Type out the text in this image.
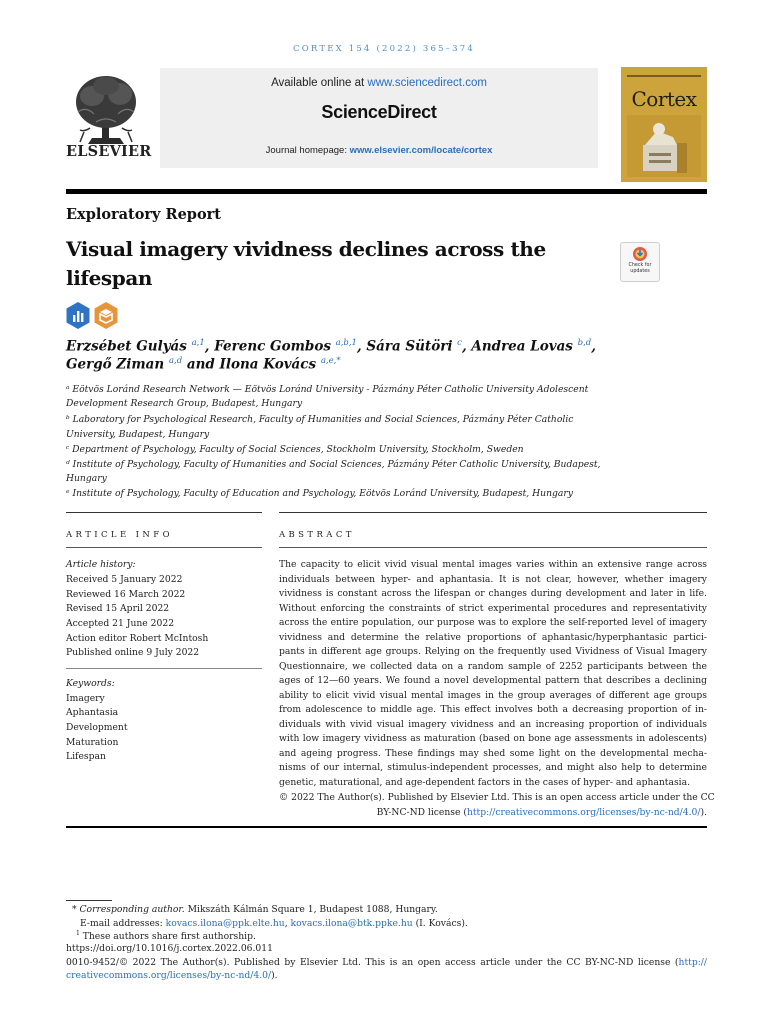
CORTEX 154 (2022) 365–374
ELSEVIER
Available online at www.sciencedirect.com
ScienceDirect
Journal homepage: www.elsevier.com/locate/cortex
Cortex
Exploratory Report
Visual imagery vividness declines across the
lifespan
Check for
updates
Erzsébet Gulyás $^{a,1}$, Ferenc Gombos $^{a,b,1}$, Sára Sütöri $^c$, Andrea Lovas $^{b,d}$,
Gergő Ziman $^{a,d}$ and Ilona Kovács $^{a,e,*}$
ᵃ Eötvös Loránd Research Network — Eötvös Loránd University - Pázmány Péter Catholic University Adolescent
Development Research Group, Budapest, Hungary
ᵇ Laboratory for Psychological Research, Faculty of Humanities and Social Sciences, Pázmány Péter Catholic
University, Budapest, Hungary
ᶜ Department of Psychology, Faculty of Social Sciences, Stockholm University, Stockholm, Sweden
ᵈ Institute of Psychology, Faculty of Humanities and Social Sciences, Pázmány Péter Catholic University, Budapest,
Hungary
ᵉ Institute of Psychology, Faculty of Education and Psychology, Eötvös Loránd University, Budapest, Hungary
ARTICLE INFO	ABSTRACT
Article history:
Received 5 January 2022
Reviewed 16 March 2022
Revised 15 April 2022
Accepted 21 June 2022
Action editor Robert McIntosh
Published online 9 July 2022
Keywords:
Imagery
Aphantasia
Development
Maturation
Lifespan
The capacity to elicit vivid visual mental images varies within an extensive range across
individuals between hyper- and aphantasia. It is not clear, however, whether imagery
vividness is constant across the lifespan or changes during development and later in life.
Without enforcing the constraints of strict experimental procedures and representativity
across the entire population, our purpose was to explore the self-reported level of imagery
vividness and determine the relative proportions of aphantasic/hyperphantasic partici-
pants in different age groups. Relying on the frequently used Vividness of Visual Imagery
Questionnaire, we collected data on a random sample of 2252 participants between the
ages of 12—60 years. We found a novel developmental pattern that describes a declining
ability to elicit vivid visual mental images in the group averages of different age groups
from adolescence to middle age. This effect involves both a decreasing proportion of in-
dividuals with vivid visual imagery vividness and an increasing proportion of individuals
with low imagery vividness as maturation (based on bone age assessments in adolescents)
and ageing progress. These findings may shed some light on the developmental mecha-
nisms of our internal, stimulus-independent processes, and might also help to determine
genetic, maturational, and age-dependent factors in the cases of hyper- and aphantasia.
© 2022 The Author(s). Published by Elsevier Ltd. This is an open access article under the CC
BY-NC-ND license (http://creativecommons.org/licenses/by-nc-nd/4.0/).
* Corresponding author. Mikszáth Kálmán Square 1, Budapest 1088, Hungary.
E-mail addresses: kovacs.ilona@ppk.elte.hu, kovacs.ilona@btk.ppke.hu (I. Kovács).
$^1$ These authors share first authorship.
https://doi.org/10.1016/j.cortex.2022.06.011
0010-9452/© 2022 The Author(s). Published by Elsevier Ltd. This is an open access article under the CC BY-NC-ND license (http://
creativecommons.org/licenses/by-nc-nd/4.0/).
